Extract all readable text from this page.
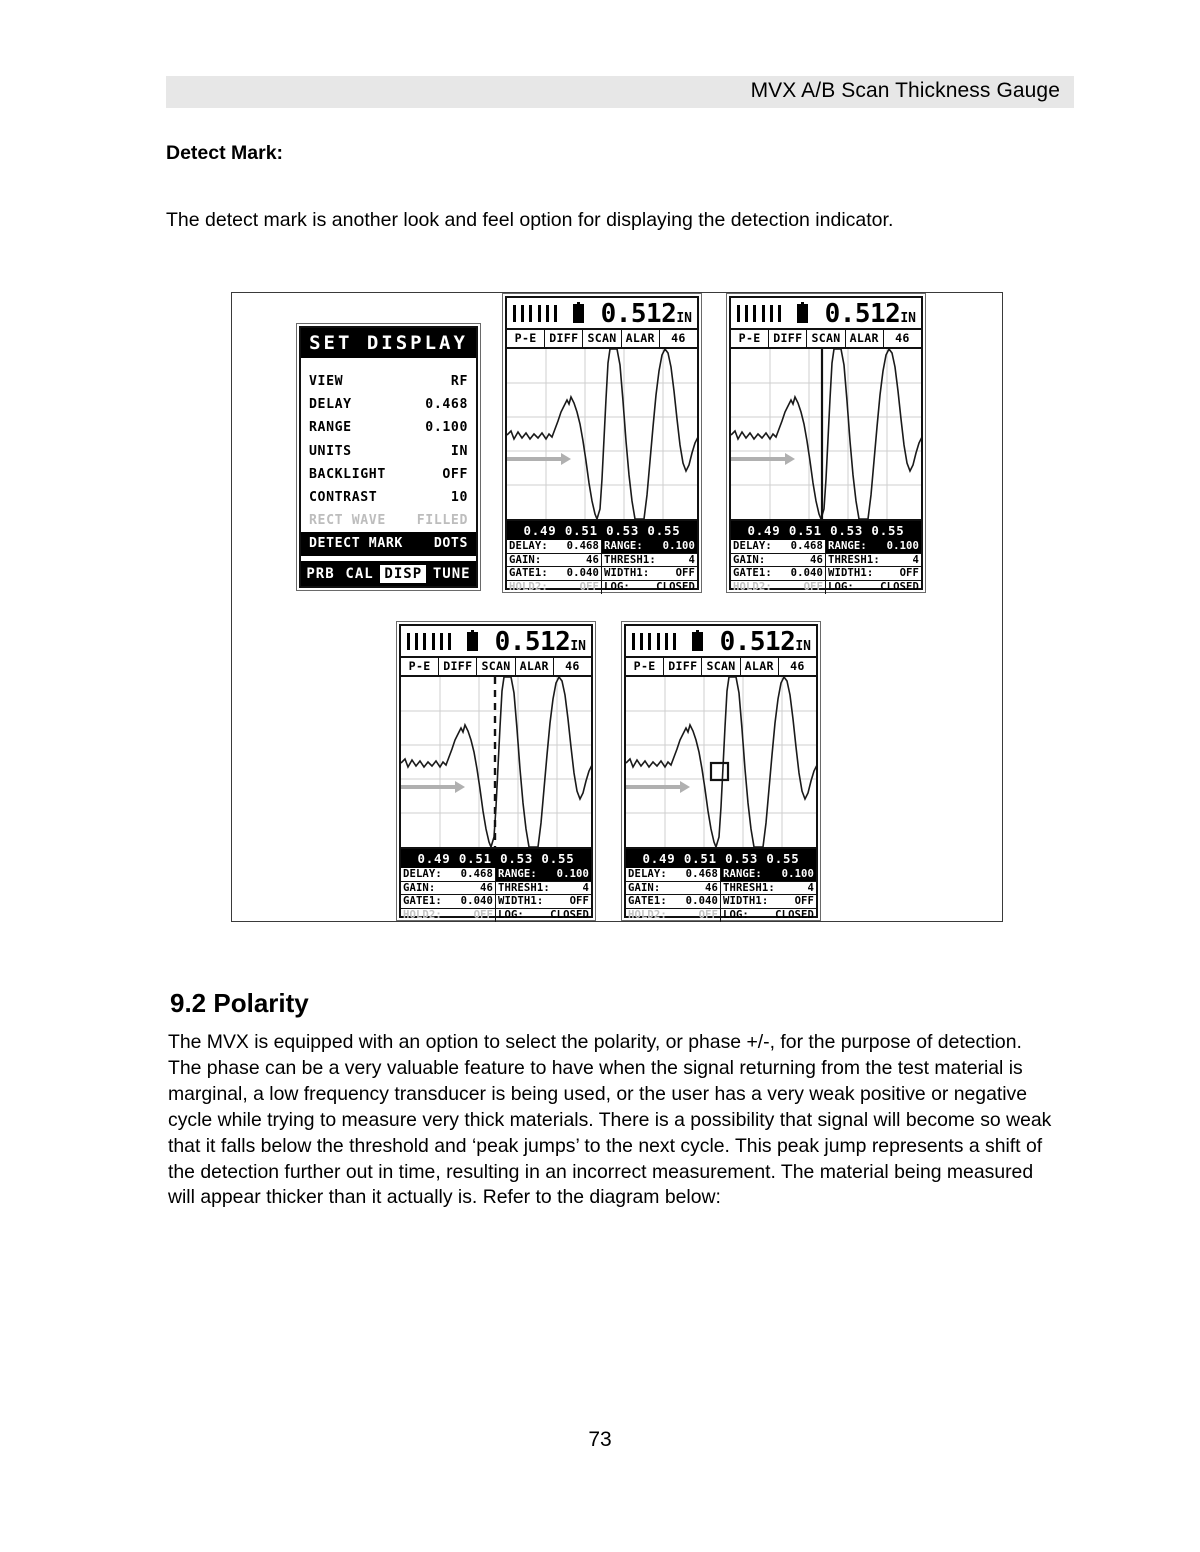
MVX A/B Scan Thickness Gauge
Detect Mark:
The detect mark is another look and feel option for displaying the detection indicator.
SET DISPLAY
VIEW	RF
DELAY	0.468
RANGE	0.100
UNITS	IN
BACKLIGHT	OFF
CONTRAST	10
RECT WAVE FILLED
DETECT MARK DOTS
PRB CAL DISP TUNE
0.512IN
P-E	DIFF SCAN ALAR	46
0.49 0.51 0.53 0.55
DELAY: 0.468 RANGE: 0.100
GAIN:	46 THRESH1:	4
GATE1: 0.040 WIDTH1: OFF
HOLD2:	OFF LOG: CLOSED
0.512IN
P-E	DIFF SCAN ALAR	46
0.49 0.51 0.53 0.55
DELAY: 0.468 RANGE: 0.100
GAIN:	46 THRESH1:	4
GATE1: 0.040 WIDTH1: OFF
HOLD2:	OFF LOG: CLOSED
0.512IN
P-E	DIFF SCAN ALAR	46
0.49 0.51 0.53 0.55
DELAY: 0.468 RANGE: 0.100
GAIN:	46 THRESH1:	4
GATE1: 0.040 WIDTH1: OFF
HOLD2:	OFF LOG: CLOSED
0.512IN
P-E	DIFF SCAN ALAR	46
0.49 0.51 0.53 0.55
DELAY: 0.468 RANGE: 0.100
GAIN:	46 THRESH1:	4
GATE1: 0.040 WIDTH1: OFF
HOLD2:	OFF LOG: CLOSED
9.2 Polarity
The MVX is equipped with an option to select the polarity, or phase +/-, for the purpose of detection. The phase can be a very valuable feature to have when the signal returning from the test material is marginal, a low frequency transducer is being used, or the user has a very weak positive or negative cycle while trying to measure very thick materials. There is a possibility that signal will become so weak that it falls below the threshold and ‘peak jumps’ to the next cycle. This peak jump represents a shift of the detection further out in time, resulting in an incorrect measurement. The material being measured will appear thicker than it actually is. Refer to the diagram below:
73
